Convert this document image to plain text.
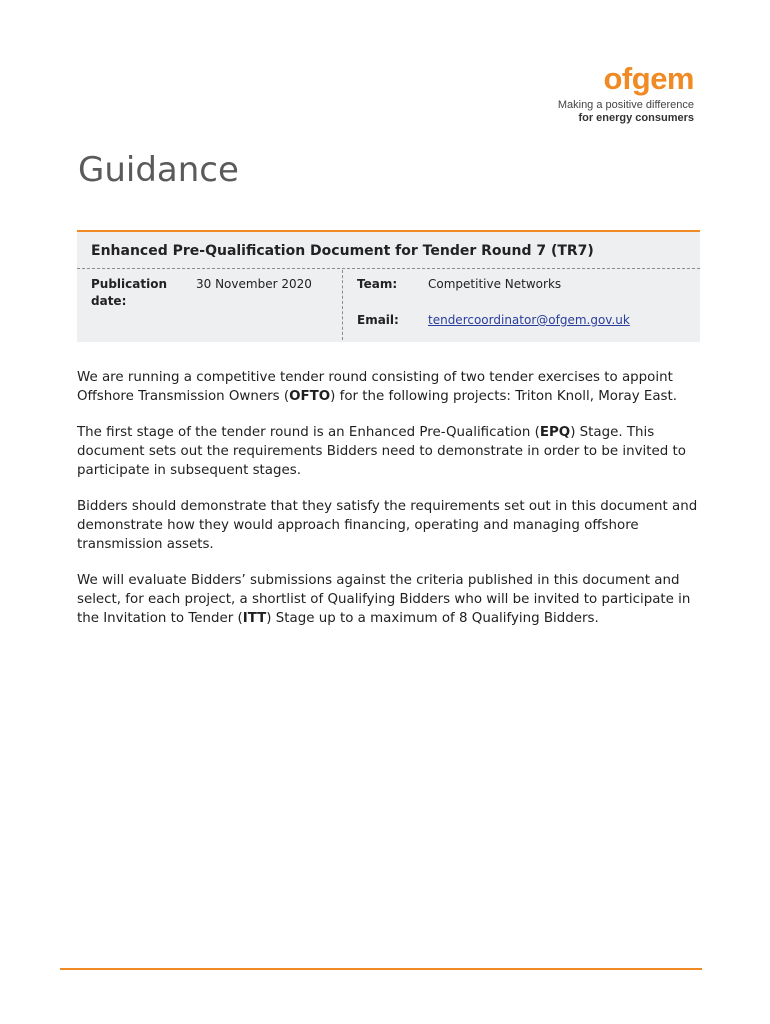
ofgem
Making a positive difference
for energy consumers
Guidance
Enhanced Pre-Qualification Document for Tender Round 7 (TR7)
Publication
date:
30 November 2020	Team:	Competitive Networks
Email: tendercoordinator@ofgem.gov.uk

We are running a competitive tender round consisting of two tender exercises to appoint Offshore Transmission Owners (OFTO) for the following projects: Triton Knoll, Moray East.

The first stage of the tender round is an Enhanced Pre-Qualification (EPQ) Stage. This document sets out the requirements Bidders need to demonstrate in order to be invited to participate in subsequent stages.

Bidders should demonstrate that they satisfy the requirements set out in this document and demonstrate how they would approach financing, operating and managing offshore transmission assets.

We will evaluate Bidders’ submissions against the criteria published in this document and select, for each project, a shortlist of Qualifying Bidders who will be invited to participate in the Invitation to Tender (ITT) Stage up to a maximum of 8 Qualifying Bidders.
